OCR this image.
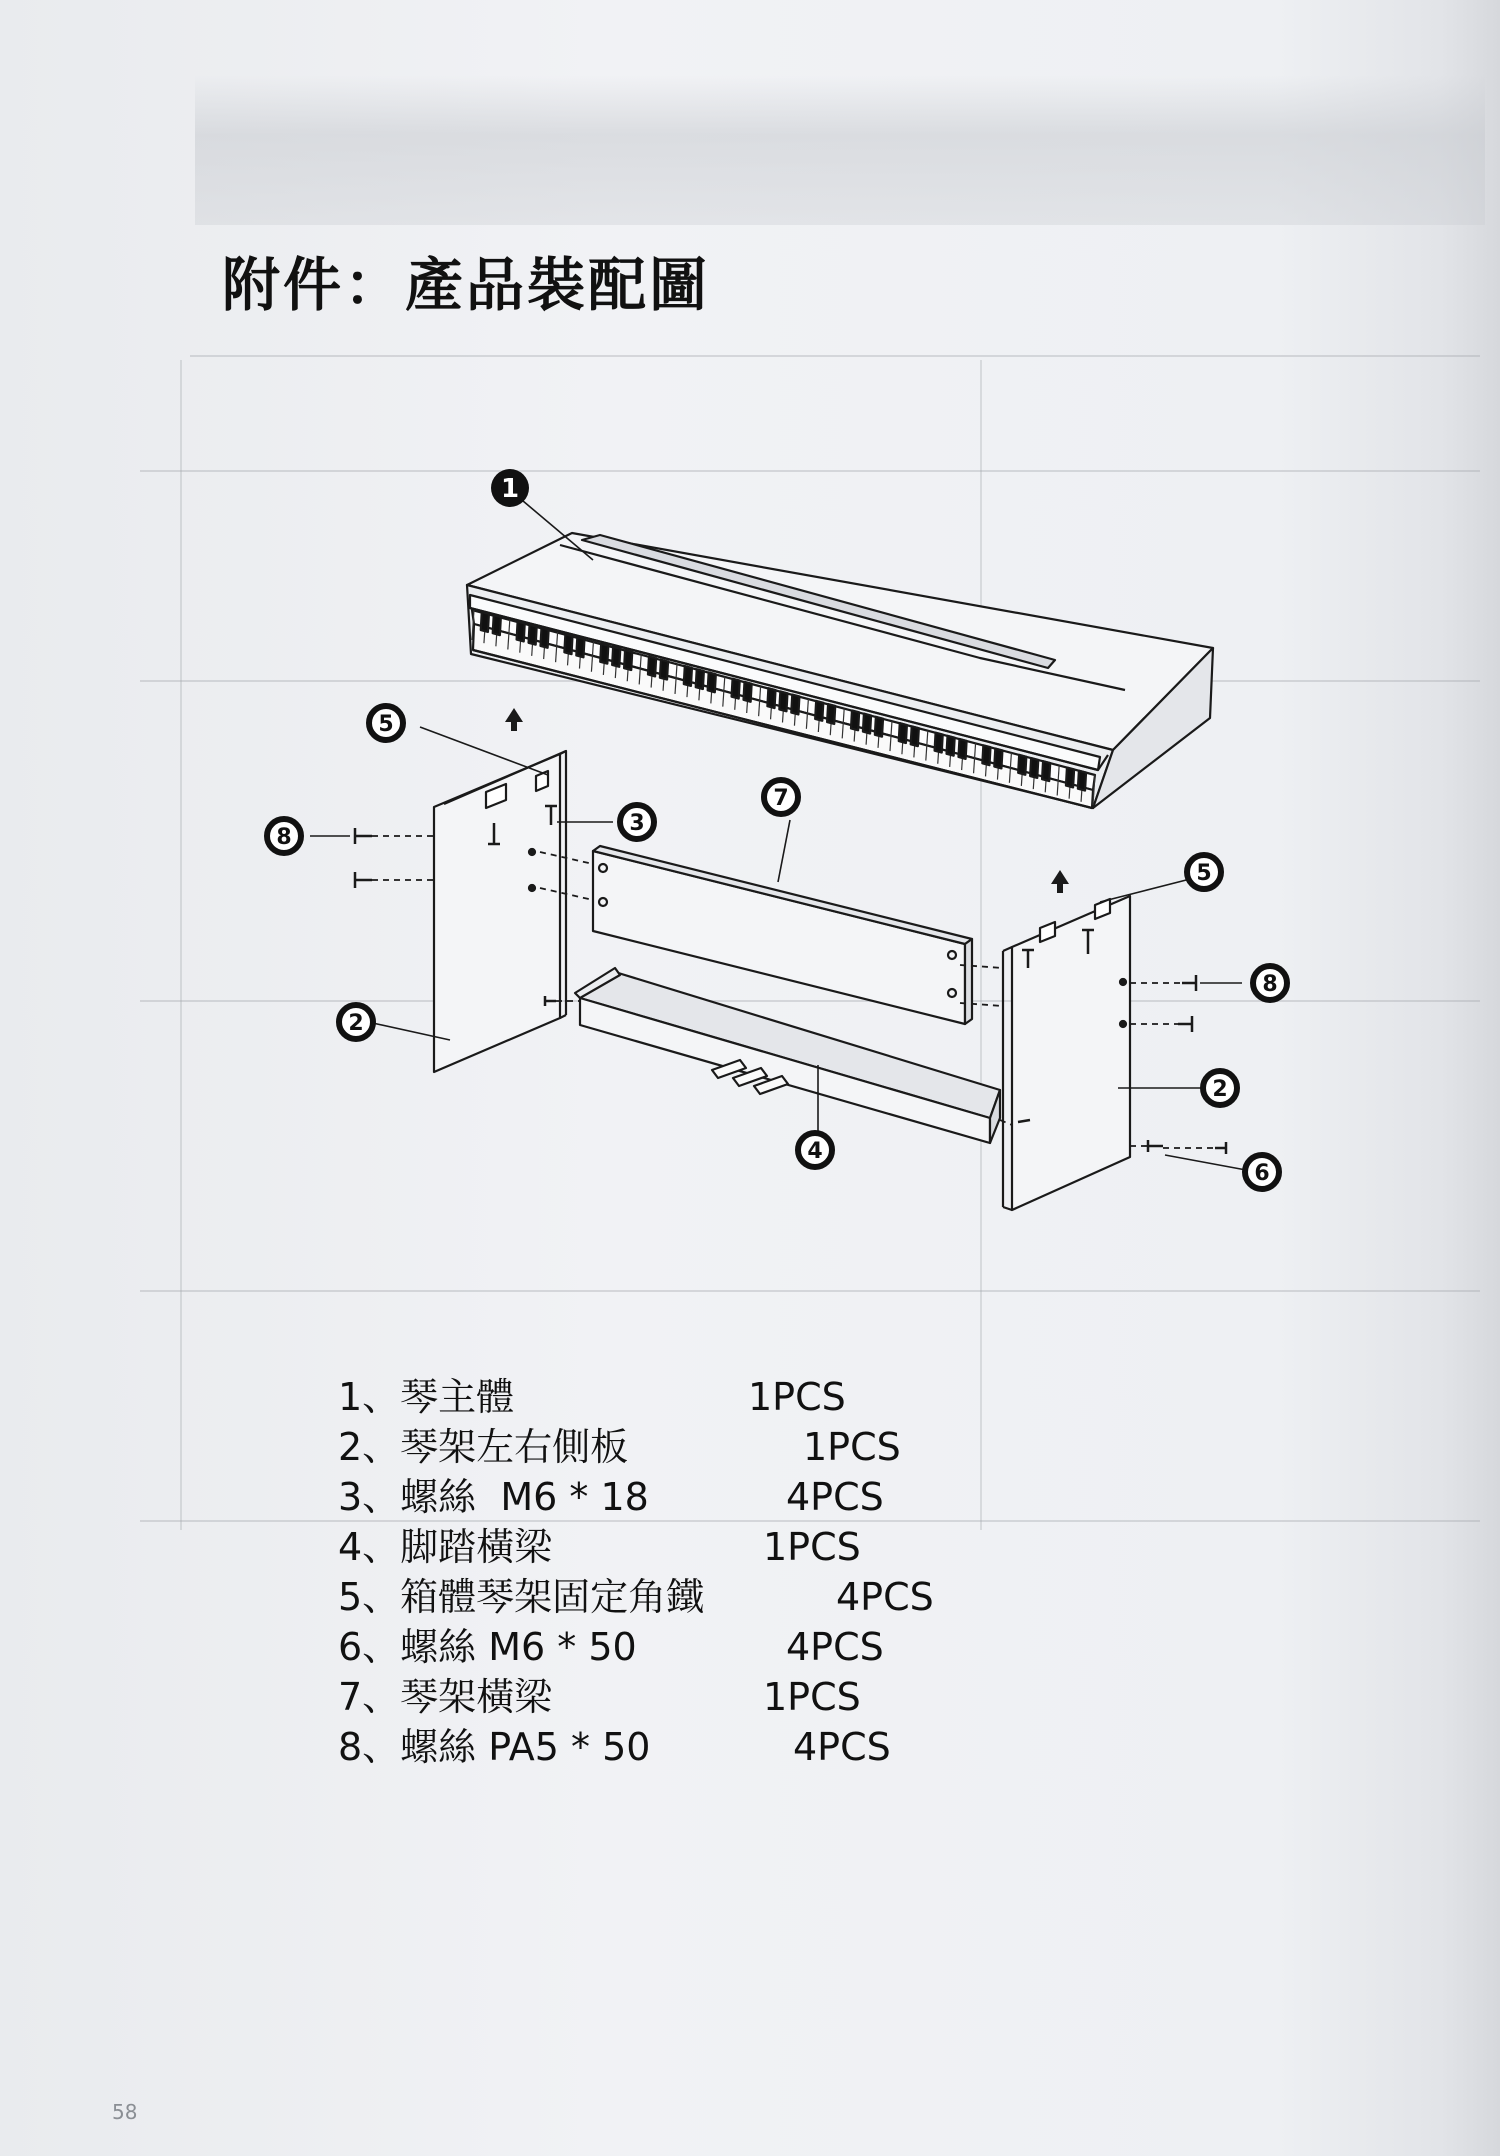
附件：產品裝配圖
1
5
8
2
3
7
4
5
8
2
6
1、琴主體	1PCS
2、琴架左右側板	1PCS
3、螺絲  M6 * 18	4PCS
4、脚踏橫梁	1PCS
5、箱體琴架固定角鐵	4PCS
6、螺絲 M6 * 50	4PCS
7、琴架橫梁	1PCS
8、螺絲 PA5 * 50	4PCS
58
